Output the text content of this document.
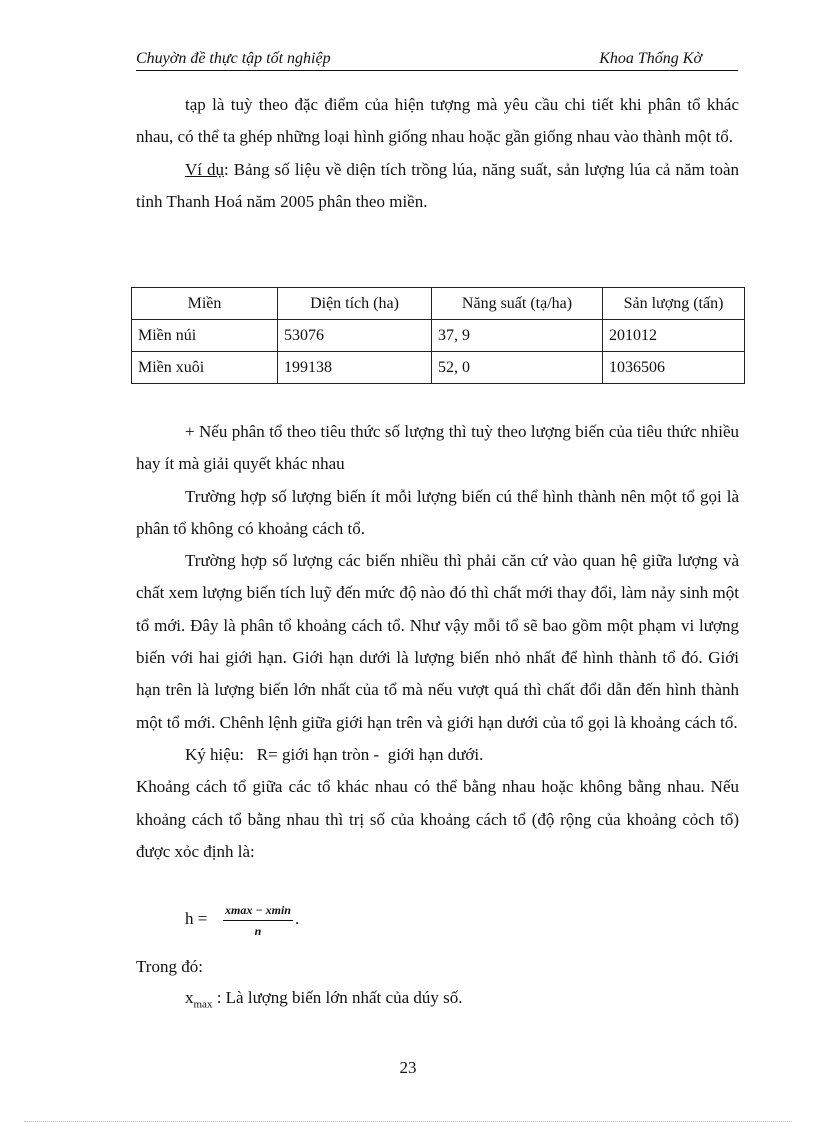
Chuyờn đề thực tập tốt nghiệp	Khoa Thống Kờ

tạp là tuỳ theo đặc điểm của hiện tượng mà yêu cầu chi tiết khi phân tổ khác nhau, có thể ta ghép những loại hình giống nhau hoặc gần giống nhau vào thành một tổ.

Ví dụ: Bảng số liệu về diện tích trồng lúa, năng suất, sản lượng lúa cả năm toàn tỉnh Thanh Hoá năm 2005 phân theo miền.

Miền	Diện tích (ha)	Năng suất (tạ/ha)	Sản lượng (tấn)
Miền núi	53076	37, 9	201012
Miền xuôi	199138	52, 0	1036506

+ Nếu phân tổ theo tiêu thức số lượng thì tuỳ theo lượng biến của tiêu thức nhiều hay ít mà giải quyết khác nhau

Trường hợp số lượng biến ít mỗi lượng biến cú thể hình thành nên một tổ gọi là phân tổ không có khoảng cách tổ.

Trường hợp số lượng các biến nhiều thì phải căn cứ vào quan hệ giữa lượng và chất xem lượng biến tích luỹ đến mức độ nào đó thì chất mới thay đổi, làm nảy sinh một tổ mới. Đây là phân tổ khoảng cách tổ. Như vậy mỗi tổ sẽ bao gồm một phạm vi lượng biến với hai giới hạn. Giới hạn dưới là lượng biến nhỏ nhất để hình thành tổ đó. Giới hạn trên là lượng biến lớn nhất của tổ mà nếu vượt quá thì chất đổi dẫn đến hình thành một tổ mới. Chênh lệnh giữa giới hạn trên và giới hạn dưới của tổ gọi là khoảng cách tổ.

Ký hiệu:   R= giới hạn tròn -  giới hạn dưới.

Khoảng cách tổ giữa các tổ khác nhau có thể bằng nhau hoặc không bằng nhau. Nếu khoảng cách tổ bằng nhau thì trị số của khoảng cách tổ (độ rộng của khoảng cỏch tổ) được xỏc định là:

h = xmax − xmin
n
.
Trong đó:
$x_{max}$ : Là lượng biến lớn nhất của dúy số.
23
